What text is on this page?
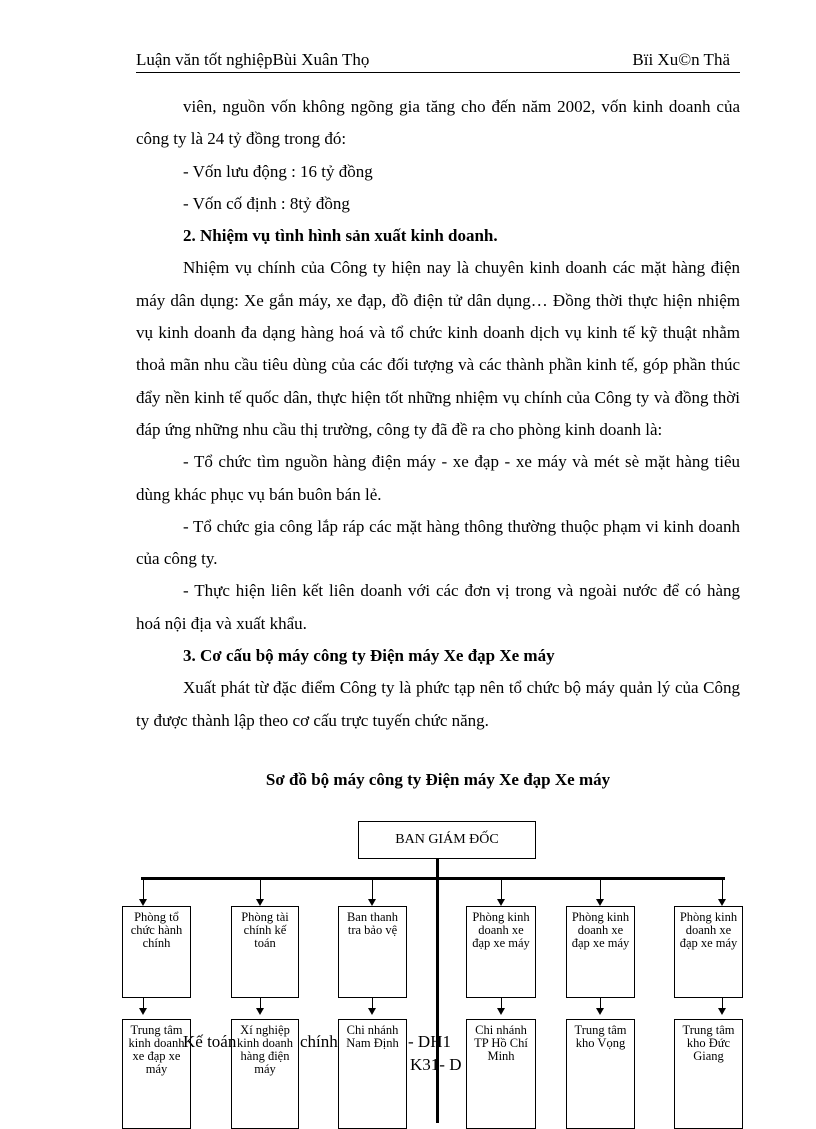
Luận văn tốt nghiệpBùi Xuân Thọ	Bïi Xu©n Thä

viên, nguồn vốn không ngõng gia tăng cho đến năm 2002, vốn kinh doanh của công ty là 24 tỷ đồng trong đó:

- Vốn lưu động : 16 tỷ đồng

- Vốn cố định : 8tỷ đồng

2. Nhiệm vụ tình hình sản xuất kinh doanh.

Nhiệm vụ chính của Công ty hiện nay là chuyên kinh doanh các mặt hàng điện máy dân dụng: Xe gắn máy, xe đạp, đồ điện tử dân dụng… Đồng thời thực hiện nhiệm vụ kinh doanh đa dạng hàng hoá và tổ chức kinh doanh dịch vụ kinh tế kỹ thuật nhằm thoả mãn nhu cầu tiêu dùng của các đối tượng và các thành phần kinh tế, góp phần thúc đẩy nền kinh tế quốc dân, thực hiện tốt những nhiệm vụ chính của Công ty và đồng thời đáp ứng những nhu cầu thị trường, công ty đã đề ra cho phòng kinh doanh là:

- Tổ chức tìm nguồn hàng điện máy - xe đạp - xe máy và mét sè mặt hàng tiêu dùng khác phục vụ bán buôn bán lẻ.

- Tổ chức gia công lắp ráp các mặt hàng thông thường thuộc phạm vi kinh doanh của công ty.

- Thực hiện liên kết liên doanh với các đơn vị trong và ngoài nước để có hàng hoá nội địa và xuất khẩu.

3. Cơ cấu bộ máy công ty Điện máy Xe đạp Xe máy

Xuất phát từ đặc điểm Công ty là phức tạp nên tổ chức bộ máy quản lý của Công ty được thành lập theo cơ cấu trực tuyến chức năng.

Sơ đồ bộ máy công ty Điện máy Xe đạp Xe máy
BAN GIÁM ĐỐC
Phòng tổ chức hành chính
Phòng tài chính kế toán
Ban thanh tra bảo vệ
Phòng kinh doanh xe đạp xe máy
Phòng kinh doanh xe đạp xe máy
Phòng kinh doanh xe đạp xe máy
Trung tâm kinh doanh xe đạp xe máy
Xí nghiệp kinh doanh hàng điện máy
Chi nhánh Nam Định
Chi nhánh TP Hồ Chí Minh
Trung tâm kho Vọng
Trung tâm kho Đức Giang
Kế toán	chính	- DH1
K31- D
